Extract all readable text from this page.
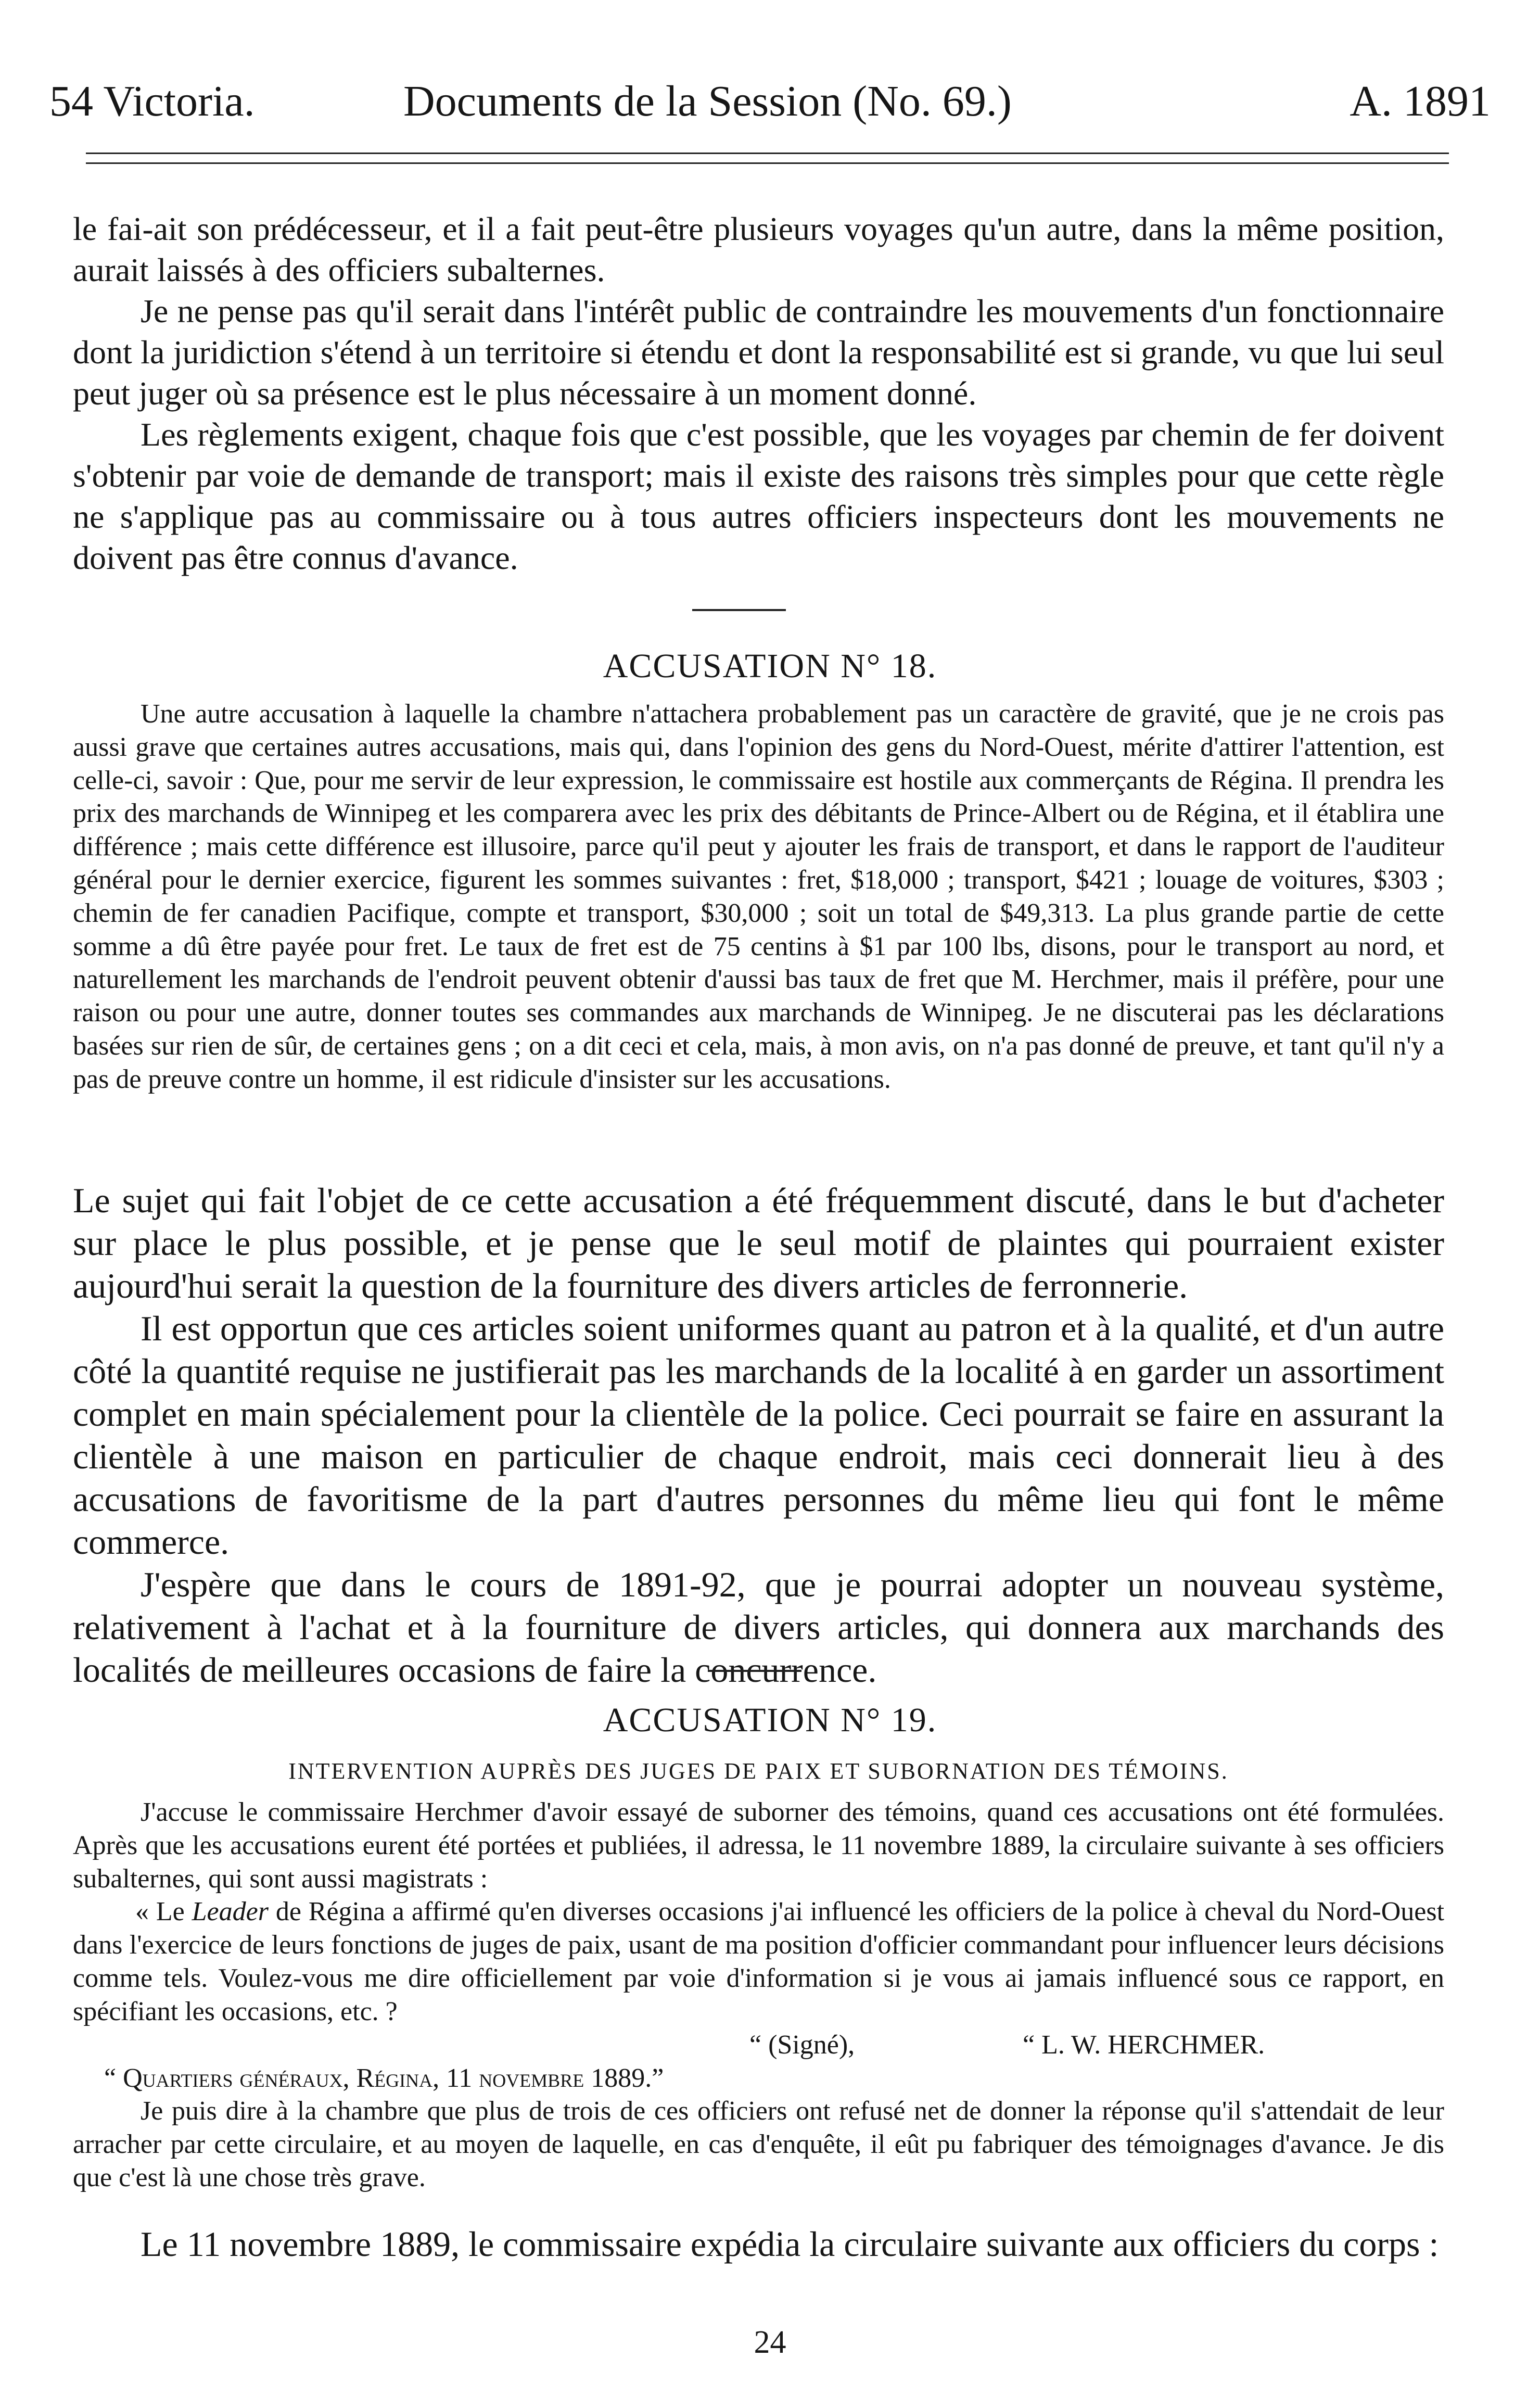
54 Victoria.	Documents de la Session (No. 69.)	A. 1891

le fai-ait son prédécesseur, et il a fait peut-être plusieurs voyages qu'un autre, dans la même position, aurait laissés à des officiers subalternes.

Je ne pense pas qu'il serait dans l'intérêt public de contraindre les mouvements d'un fonctionnaire dont la juridiction s'étend à un territoire si étendu et dont la responsabilité est si grande, vu que lui seul peut juger où sa présence est le plus nécessaire à un moment donné.

Les règlements exigent, chaque fois que c'est possible, que les voyages par chemin de fer doivent s'obtenir par voie de demande de transport; mais il existe des raisons très simples pour que cette règle ne s'applique pas au commissaire ou à tous autres officiers inspecteurs dont les mouvements ne doivent pas être connus d'avance.

ACCUSATION N° 18.

Une autre accusation à laquelle la chambre n'attachera probablement pas un caractère de gravité, que je ne crois pas aussi grave que certaines autres accusations, mais qui, dans l'opinion des gens du Nord-Ouest, mérite d'attirer l'attention, est celle-ci, savoir : Que, pour me servir de leur expression, le commissaire est hostile aux commerçants de Régina. Il prendra les prix des marchands de Winnipeg et les comparera avec les prix des débitants de Prince-Albert ou de Régina, et il établira une différence ; mais cette différence est illusoire, parce qu'il peut y ajouter les frais de transport, et dans le rapport de l'auditeur général pour le dernier exercice, figurent les sommes suivantes : fret, $18,000 ; transport, $421 ; louage de voitures, $303 ; chemin de fer canadien Pacifique, compte et transport, $30,000 ; soit un total de $49,313. La plus grande partie de cette somme a dû être payée pour fret. Le taux de fret est de 75 centins à $1 par 100 lbs, disons, pour le transport au nord, et naturellement les marchands de l'endroit peuvent obtenir d'aussi bas taux de fret que M. Herchmer, mais il préfère, pour une raison ou pour une autre, donner toutes ses commandes aux marchands de Winnipeg. Je ne discuterai pas les déclarations basées sur rien de sûr, de certaines gens ; on a dit ceci et cela, mais, à mon avis, on n'a pas donné de preuve, et tant qu'il n'y a pas de preuve contre un homme, il est ridicule d'insister sur les accusations.

Le sujet qui fait l'objet de ce cette accusation a été fréquemment discuté, dans le but d'acheter sur place le plus possible, et je pense que le seul motif de plaintes qui pourraient exister aujourd'hui serait la question de la fourniture des divers articles de ferronnerie.

Il est opportun que ces articles soient uniformes quant au patron et à la qualité, et d'un autre côté la quantité requise ne justifierait pas les marchands de la localité à en garder un assortiment complet en main spécialement pour la clientèle de la police. Ceci pourrait se faire en assurant la clientèle à une maison en particulier de chaque endroit, mais ceci donnerait lieu à des accusations de favoritisme de la part d'autres personnes du même lieu qui font le même commerce.

J'espère que dans le cours de 1891-92, que je pourrai adopter un nouveau système, relativement à l'achat et à la fourniture de divers articles, qui donnera aux marchands des localités de meilleures occasions de faire la concurrence.

ACCUSATION N° 19.
INTERVENTION AUPRÈS DES JUGES DE PAIX ET SUBORNATION DES TÉMOINS.

J'accuse le commissaire Herchmer d'avoir essayé de suborner des témoins, quand ces accusations ont été formulées. Après que les accusations eurent été portées et publiées, il adressa, le 11 novembre 1889, la circulaire suivante à ses officiers subalternes, qui sont aussi magistrats :

« Le Leader de Régina a affirmé qu'en diverses occasions j'ai influencé les officiers de la police à cheval du Nord-Ouest dans l'exercice de leurs fonctions de juges de paix, usant de ma position d'officier commandant pour influencer leurs décisions comme tels. Voulez-vous me dire officiellement par voie d'information si je vous ai jamais influencé sous ce rapport, en spécifiant les occasions, etc. ?

“ (Signé),	“ L. W. HERCHMER.

“ Quartiers généraux, Régina, 11 novembre 1889.”

Je puis dire à la chambre que plus de trois de ces officiers ont refusé net de donner la réponse qu'il s'attendait de leur arracher par cette circulaire, et au moyen de laquelle, en cas d'enquête, il eût pu fabriquer des témoignages d'avance. Je dis que c'est là une chose très grave.

Le 11 novembre 1889, le commissaire expédia la circulaire suivante aux officiers du corps :

24
